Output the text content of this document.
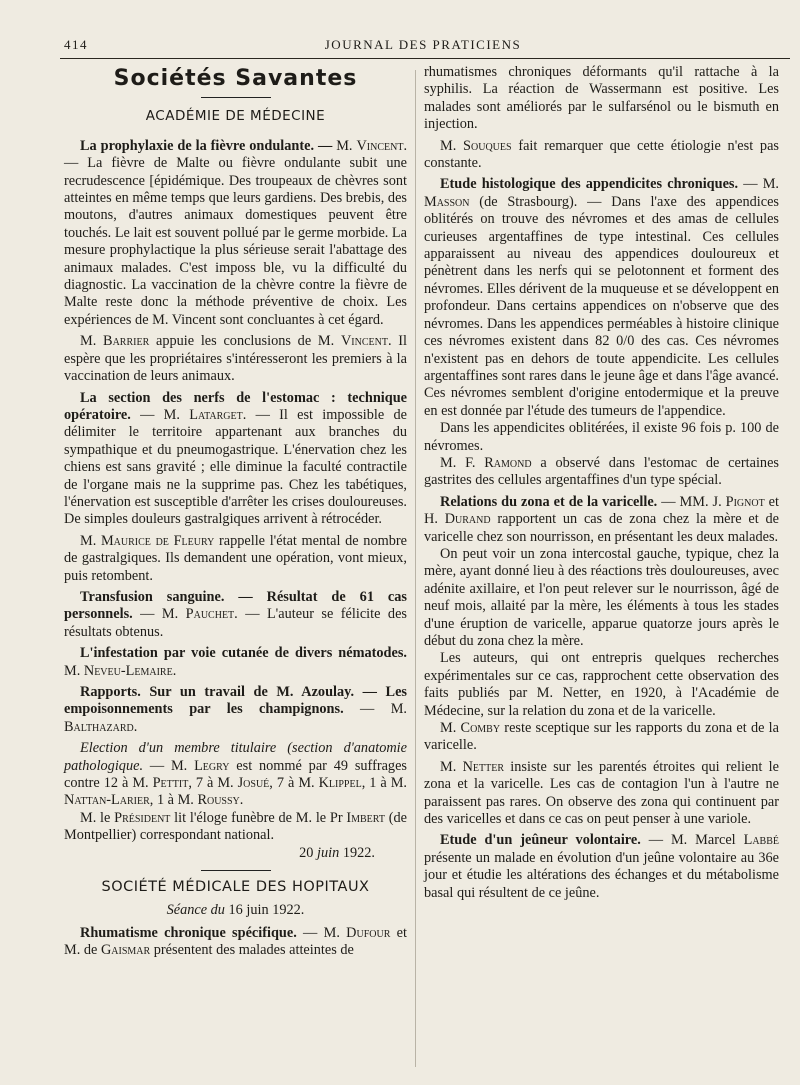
414	JOURNAL DES PRATICIENS
Sociétés Savantes
ACADÉMIE DE MÉDECINE

La prophylaxie de la fièvre ondulante. — M. Vincent. — La fièvre de Malte ou fièvre ondulante subit une recrudescence [épidémique. Des troupeaux de chèvres sont atteintes en même temps que leurs gardiens. Des brebis, des moutons, d'autres animaux domestiques peuvent être touchés. Le lait est souvent pollué par le germe morbide. La mesure prophylactique la plus sérieuse serait l'abattage des animaux malades. C'est imposs ble, vu la difficulté du diagnostic. La vaccination de la chèvre contre la fièvre de Malte reste donc la méthode préventive de choix. Les expériences de M. Vincent sont concluantes à cet égard.

M. Barrier appuie les conclusions de M. Vincent. Il espère que les propriétaires s'intéresseront les premiers à la vaccination de leurs animaux.

La section des nerfs de l'estomac : technique opératoire. — M. Latarget. — Il est impossible de délimiter le territoire appartenant aux branches du sympathique et du pneumogastrique. L'énervation chez les chiens est sans gravité ; elle diminue la faculté contractile de l'organe mais ne la supprime pas. Chez les tabétiques, l'énervation est susceptible d'arrêter les crises douloureuses. De simples douleurs gastralgiques arrivent à rétrocéder.

M. Maurice de Fleury rappelle l'état mental de nombre de gastralgiques. Ils demandent une opération, vont mieux, puis retombent.

Transfusion sanguine. — Résultat de 61 cas personnels. — M. Pauchet. — L'auteur se félicite des résultats obtenus.

L'infestation par voie cutanée de divers nématodes. M. Neveu-Lemaire.

Rapports. Sur un travail de M. Azoulay. — Les empoisonnements par les champignons. — M. Balthazard.

Election d'un membre titulaire (section d'anatomie pathologique. — M. Legry est nommé par 49 suffrages contre 12 à M. Pettit, 7 à M. Josué, 7 à M. Klippel, 1 à M. Nattan-Larier, 1 à M. Roussy.

M. le Président lit l'éloge funèbre de M. le Pr Imbert (de Montpellier) correspondant national.

20 juin 1922.

SOCIÉTÉ MÉDICALE DES HOPITAUX

Séance du 16 juin 1922.

Rhumatisme chronique spécifique. — M. Dufour et M. de Gaismar présentent des malades atteintes de

rhumatismes chroniques déformants qu'il rattache à la syphilis. La réaction de Wassermann est positive. Les malades sont améliorés par le sulfarsénol ou le bismuth en injection.

M. Souques fait remarquer que cette étiologie n'est pas constante.

Etude histologique des appendicites chroniques. — M. Masson (de Strasbourg). — Dans l'axe des appendices oblitérés on trouve des névromes et des amas de cellules curieuses argentaffines de type intestinal. Ces cellules apparaissent au niveau des appendices douloureux et pénètrent dans les nerfs qui se pelotonnent et forment des névromes. Elles dérivent de la muqueuse et se développent en profondeur. Dans certains appendices on n'observe que des névromes. Dans les appendices perméables à histoire clinique ces névromes existent dans 82 0/0 des cas. Ces névromes n'existent pas en dehors de toute appendicite. Les cellules argentaffines sont rares dans le jeune âge et dans l'âge avancé. Ces névromes semblent d'origine entodermique et la preuve en est donnée par l'étude des tumeurs de l'appendice.

Dans les appendicites oblitérées, il existe 96 fois p. 100 de névromes.

M. F. Ramond a observé dans l'estomac de certaines gastrites des cellules argentaffines d'un type spécial.

Relations du zona et de la varicelle. — MM. J. Pignot et H. Durand rapportent un cas de zona chez la mère et de varicelle chez son nourrisson, en présentant les deux malades.

On peut voir un zona intercostal gauche, typique, chez la mère, ayant donné lieu à des réactions très douloureuses, avec adénite axillaire, et l'on peut relever sur le nourrisson, âgé de neuf mois, allaité par la mère, les éléments à tous les stades d'une éruption de varicelle, apparue quatorze jours après le début du zona chez la mère.

Les auteurs, qui ont entrepris quelques recherches expérimentales sur ce cas, rapprochent cette observation des faits publiés par M. Netter, en 1920, à l'Académie de Médecine, sur la relation du zona et de la varicelle.

M. Comby reste sceptique sur les rapports du zona et de la varicelle.

M. Netter insiste sur les parentés étroites qui relient le zona et la varicelle. Les cas de contagion l'un à l'autre ne paraissent pas rares. On observe des zona qui continuent par des varicelles et dans ce cas on peut penser à une variole.

Etude d'un jeûneur volontaire. — M. Marcel Labbé présente un malade en évolution d'un jeûne volontaire au 36e jour et étudie les altérations des échanges et du métabolisme basal qui résultent de ce jeûne.
